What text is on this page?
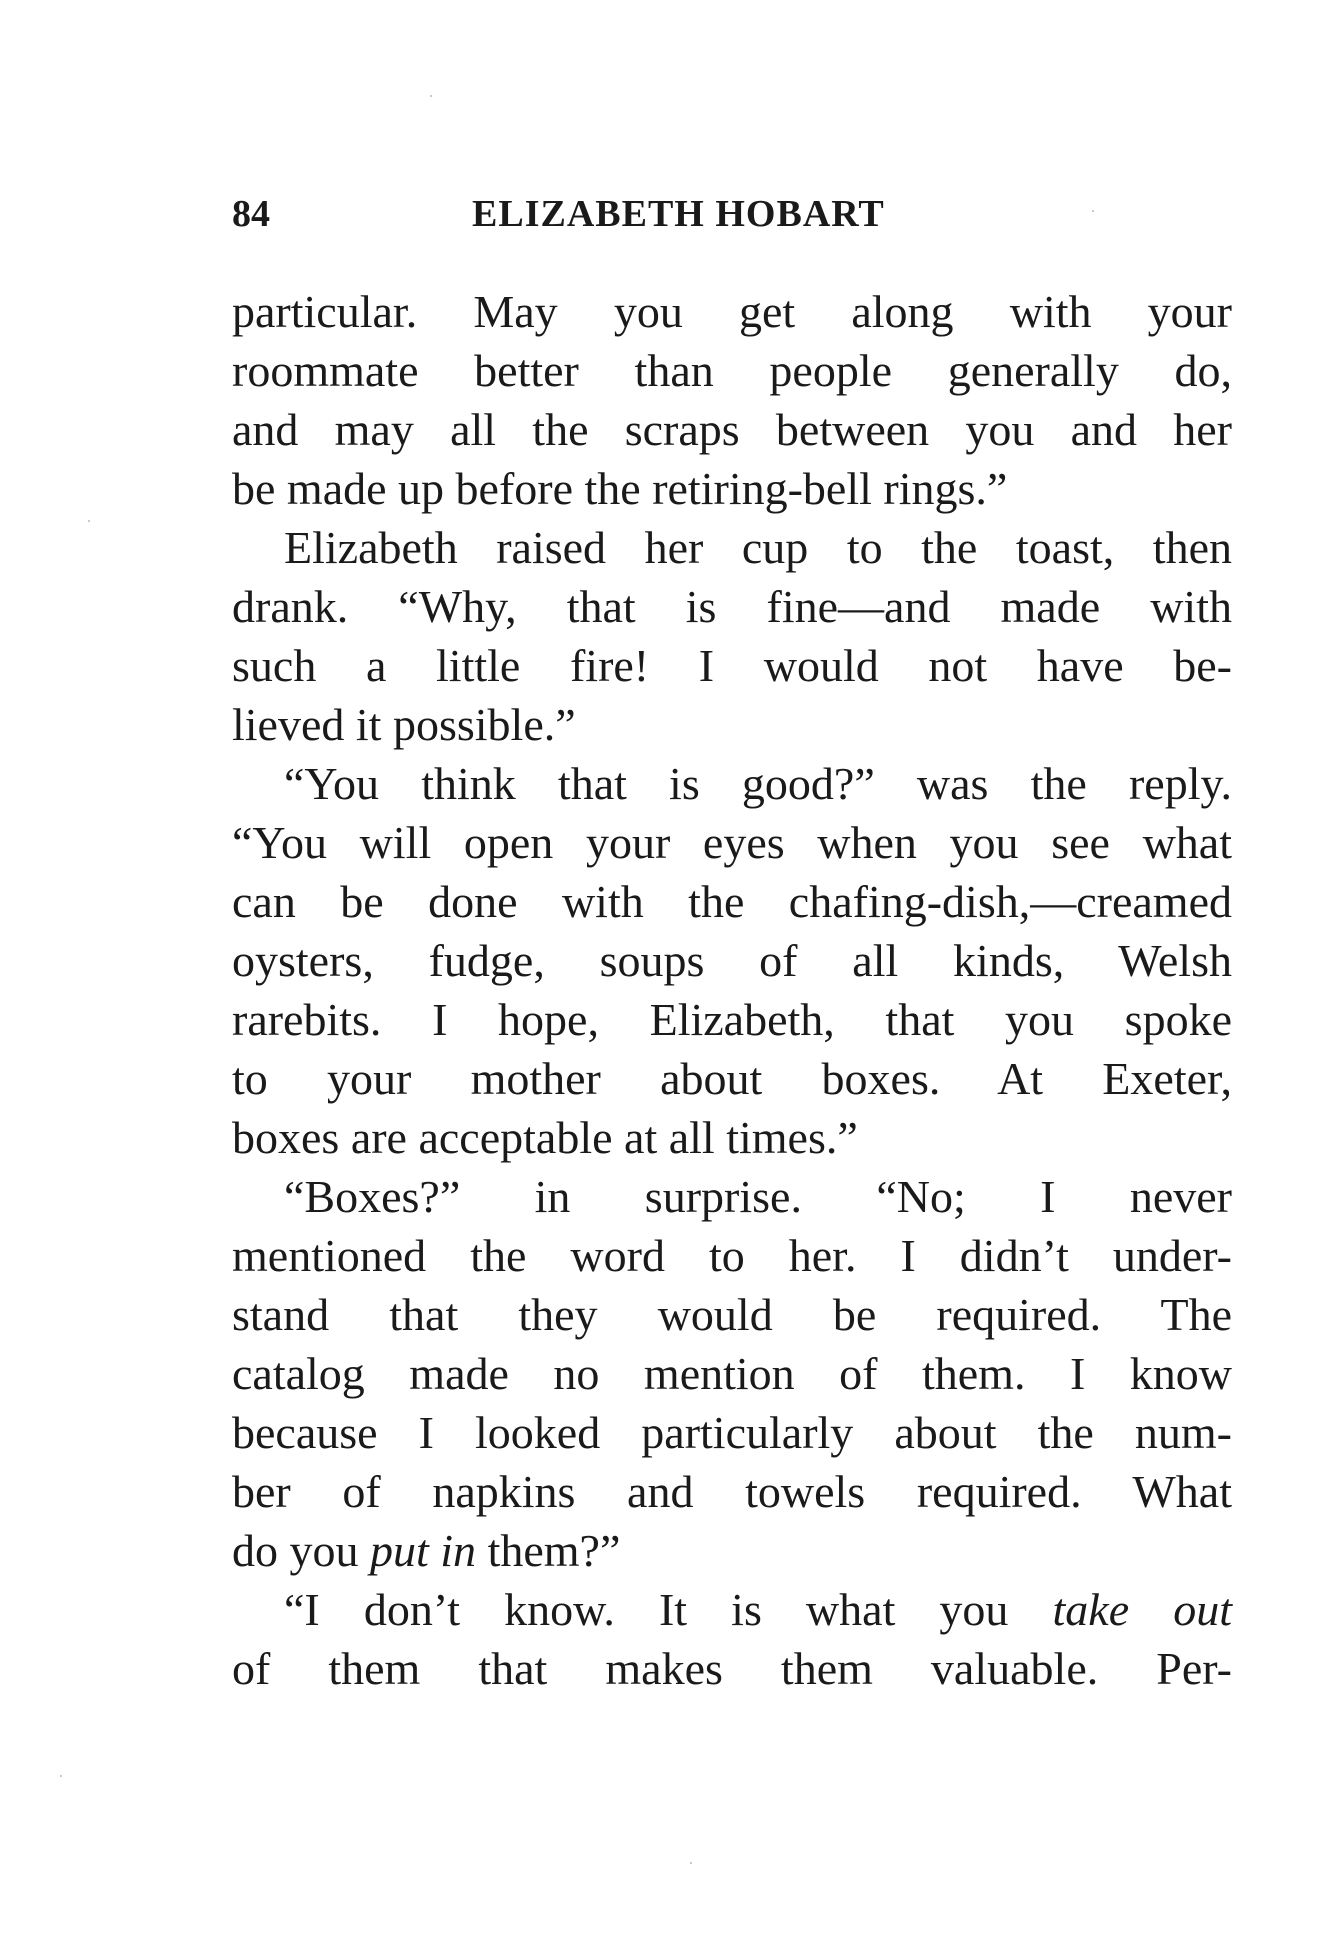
84	ELIZABETH HOBART
particular. May you get along with your
roommate better than people generally do,
and may all the scraps between you and her
be made up before the retiring-bell rings.”
Elizabeth raised her cup to the toast, then
drank. “Why, that is fine—and made with
such a little fire! I would not have be-
lieved it possible.”
“You think that is good?” was the reply.
“You will open your eyes when you see what
can be done with the chafing-dish,—creamed
oysters, fudge, soups of all kinds, Welsh
rarebits. I hope, Elizabeth, that you spoke
to your mother about boxes. At Exeter,
boxes are acceptable at all times.”
“Boxes?” in surprise. “No; I never
mentioned the word to her. I didn’t under-
stand that they would be required. The
catalog made no mention of them. I know
because I looked particularly about the num-
ber of napkins and towels required. What
do you put in them?”
“I don’t know. It is what you take out
of them that makes them valuable. Per-
